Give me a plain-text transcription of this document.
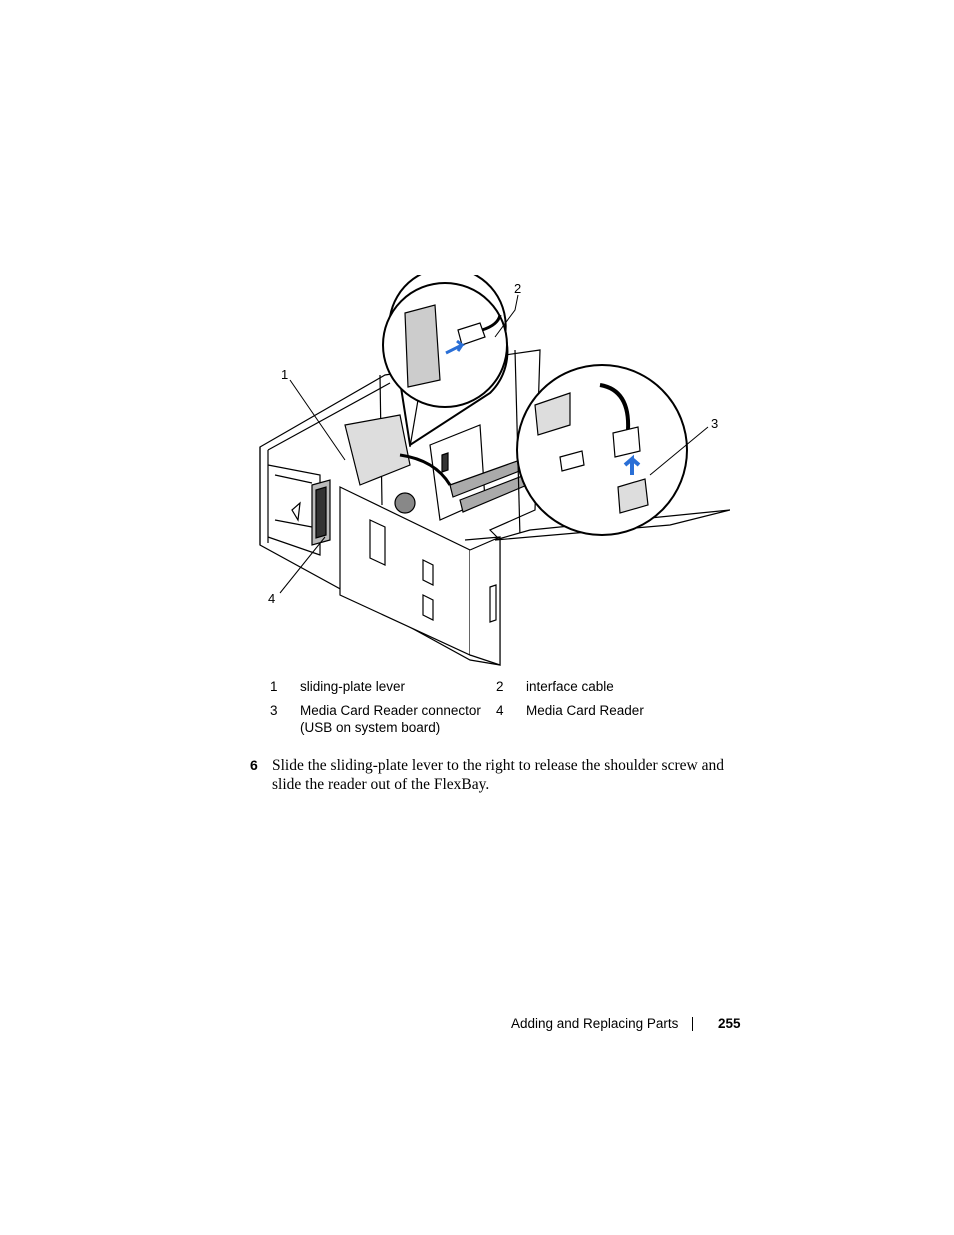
1
2
3
4
1 sliding-plate lever	2 interface cable
3 Media Card Reader connector
(USB on system board)
4 Media Card Reader
6 Slide the sliding-plate lever to the right to release the shoulder screw and slide the reader out of the FlexBay.
Adding and Replacing Parts	255
